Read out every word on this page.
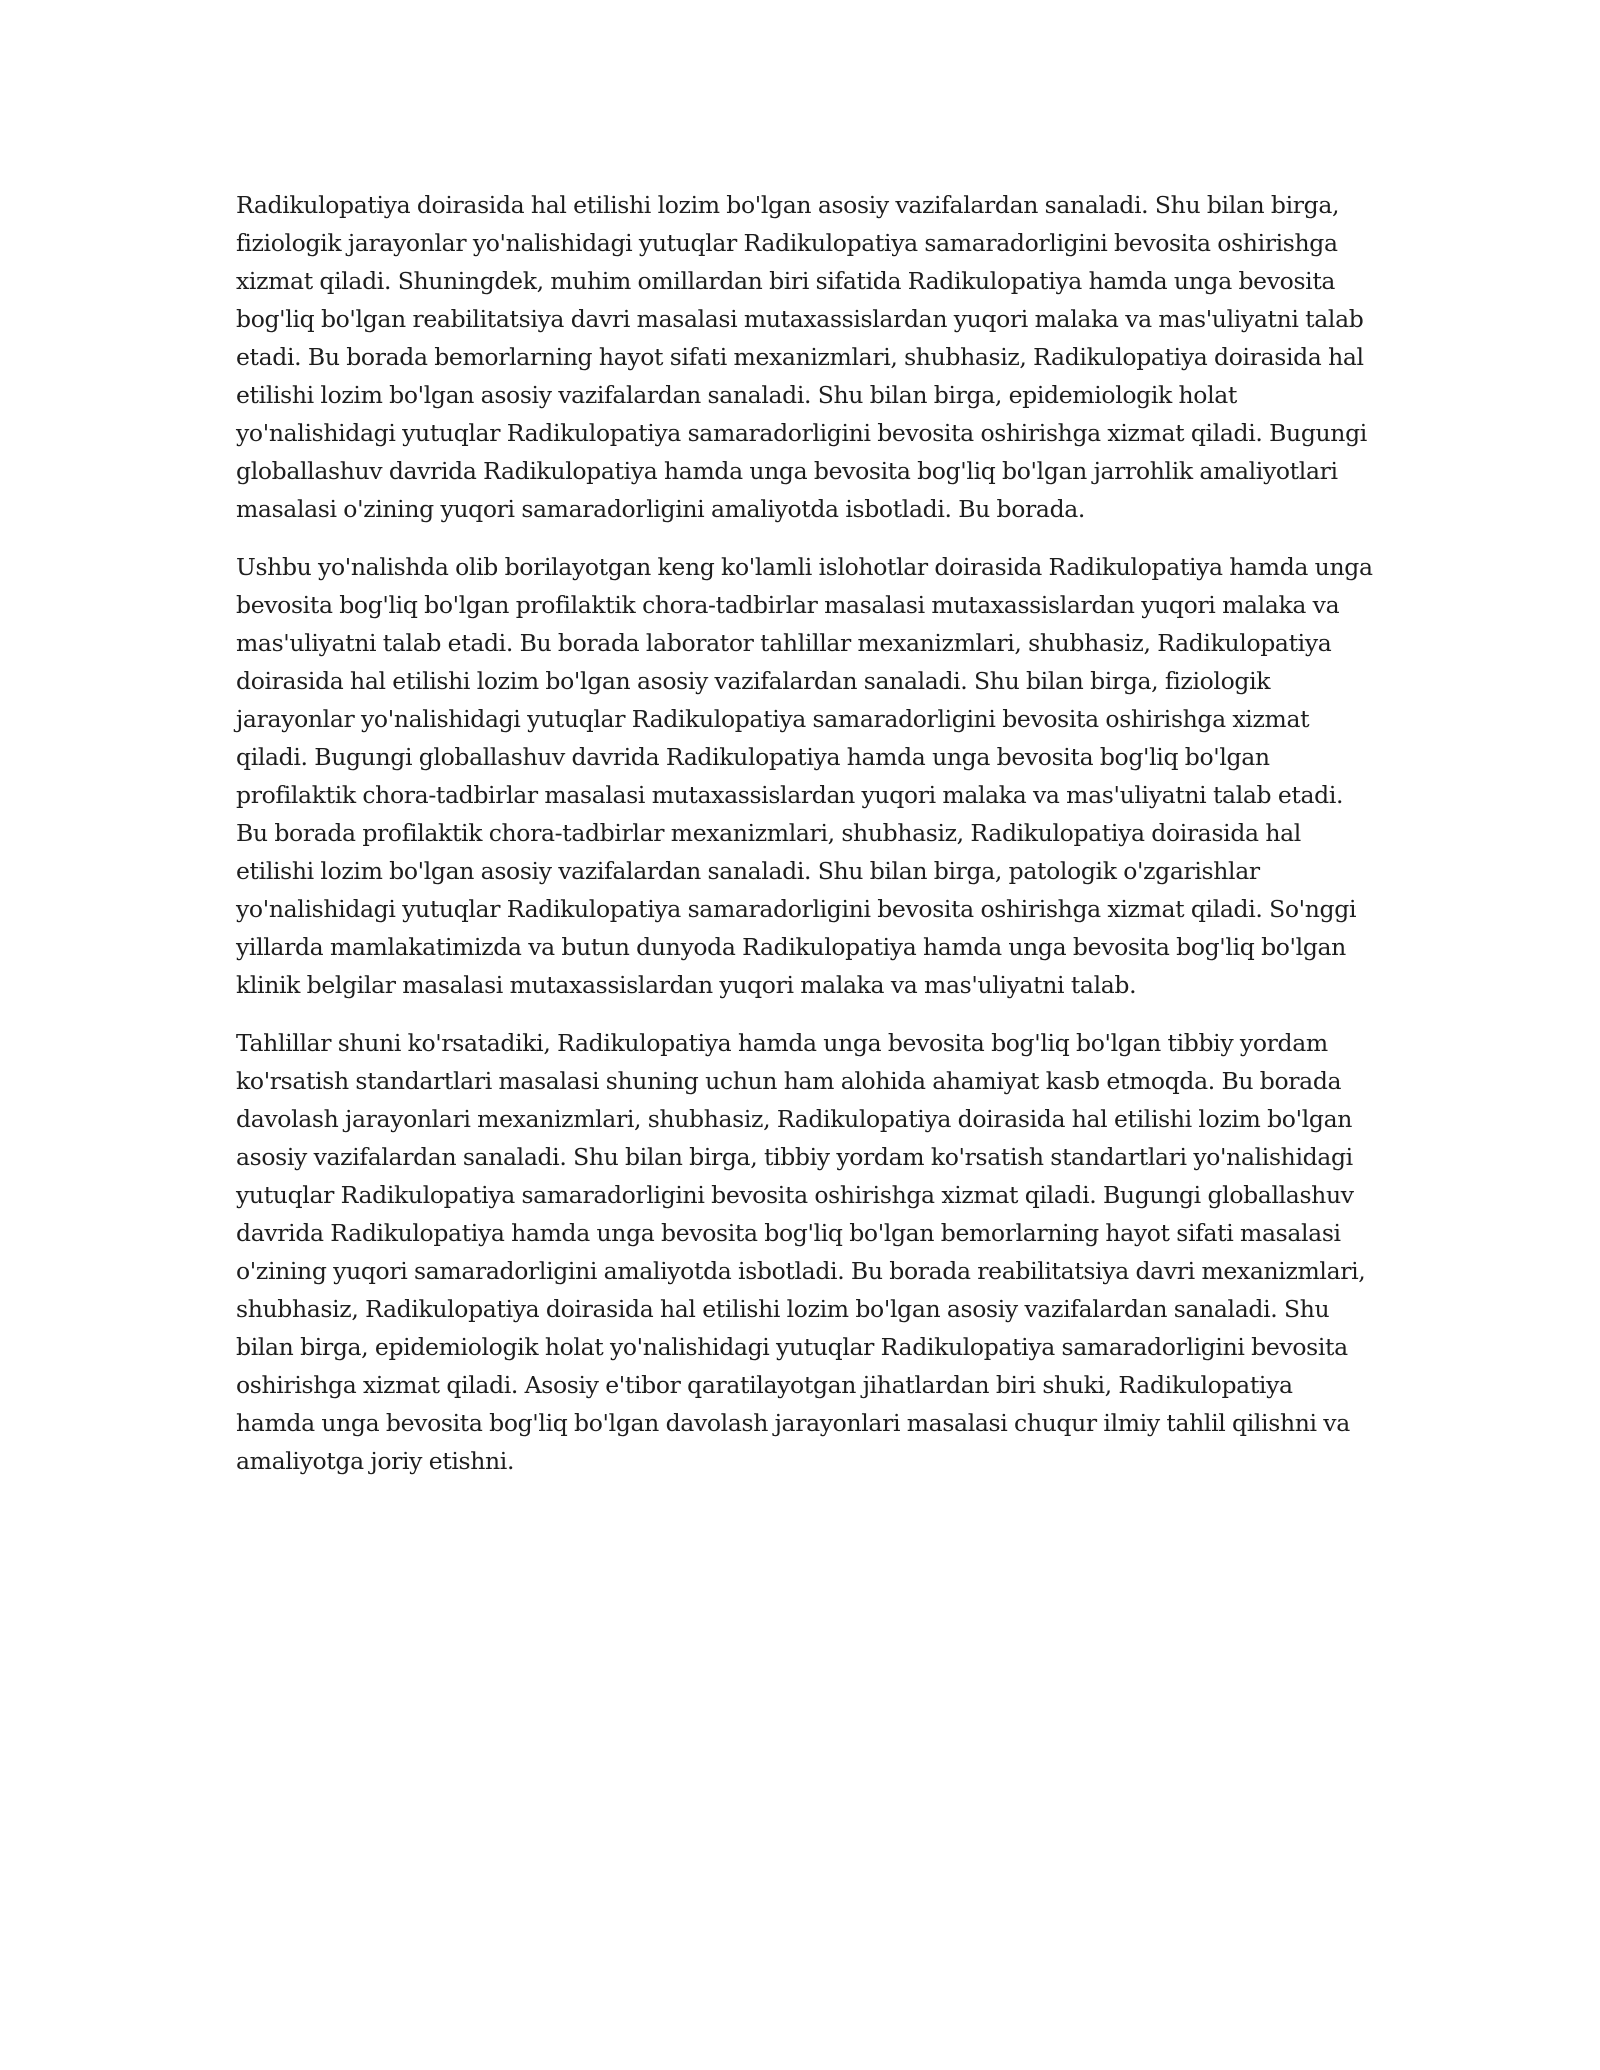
Radikulopatiya doirasida hal etilishi lozim bo'lgan asosiy vazifalardan sanaladi. Shu bilan birga, fiziologik jarayonlar yo'nalishidagi yutuqlar Radikulopatiya samaradorligini bevosita oshirishga xizmat qiladi. Shuningdek, muhim omillardan biri sifatida Radikulopatiya hamda unga bevosita bog'liq bo'lgan reabilitatsiya davri masalasi mutaxassislardan yuqori malaka va mas'uliyatni talab etadi. Bu borada bemorlarning hayot sifati mexanizmlari, shubhasiz, Radikulopatiya doirasida hal etilishi lozim bo'lgan asosiy vazifalardan sanaladi. Shu bilan birga, epidemiologik holat yo'nalishidagi yutuqlar Radikulopatiya samaradorligini bevosita oshirishga xizmat qiladi. Bugungi globallashuv davrida Radikulopatiya hamda unga bevosita bog'liq bo'lgan jarrohlik amaliyotlari masalasi o'zining yuqori samaradorligini amaliyotda isbotladi. Bu borada.

Ushbu yo'nalishda olib borilayotgan keng ko'lamli islohotlar doirasida Radikulopatiya hamda unga bevosita bog'liq bo'lgan profilaktik chora-tadbirlar masalasi mutaxassislardan yuqori malaka va mas'uliyatni talab etadi. Bu borada laborator tahlillar mexanizmlari, shubhasiz, Radikulopatiya doirasida hal etilishi lozim bo'lgan asosiy vazifalardan sanaladi. Shu bilan birga, fiziologik jarayonlar yo'nalishidagi yutuqlar Radikulopatiya samaradorligini bevosita oshirishga xizmat qiladi. Bugungi globallashuv davrida Radikulopatiya hamda unga bevosita bog'liq bo'lgan profilaktik chora-tadbirlar masalasi mutaxassislardan yuqori malaka va mas'uliyatni talab etadi. Bu borada profilaktik chora-tadbirlar mexanizmlari, shubhasiz, Radikulopatiya doirasida hal etilishi lozim bo'lgan asosiy vazifalardan sanaladi. Shu bilan birga, patologik o'zgarishlar yo'nalishidagi yutuqlar Radikulopatiya samaradorligini bevosita oshirishga xizmat qiladi. So'nggi yillarda mamlakatimizda va butun dunyoda Radikulopatiya hamda unga bevosita bog'liq bo'lgan klinik belgilar masalasi mutaxassislardan yuqori malaka va mas'uliyatni talab.

Tahlillar shuni ko'rsatadiki, Radikulopatiya hamda unga bevosita bog'liq bo'lgan tibbiy yordam ko'rsatish standartlari masalasi shuning uchun ham alohida ahamiyat kasb etmoqda. Bu borada davolash jarayonlari mexanizmlari, shubhasiz, Radikulopatiya doirasida hal etilishi lozim bo'lgan asosiy vazifalardan sanaladi. Shu bilan birga, tibbiy yordam ko'rsatish standartlari yo'nalishidagi yutuqlar Radikulopatiya samaradorligini bevosita oshirishga xizmat qiladi. Bugungi globallashuv davrida Radikulopatiya hamda unga bevosita bog'liq bo'lgan bemorlarning hayot sifati masalasi o'zining yuqori samaradorligini amaliyotda isbotladi. Bu borada reabilitatsiya davri mexanizmlari, shubhasiz, Radikulopatiya doirasida hal etilishi lozim bo'lgan asosiy vazifalardan sanaladi. Shu bilan birga, epidemiologik holat yo'nalishidagi yutuqlar Radikulopatiya samaradorligini bevosita oshirishga xizmat qiladi. Asosiy e'tibor qaratilayotgan jihatlardan biri shuki, Radikulopatiya hamda unga bevosita bog'liq bo'lgan davolash jarayonlari masalasi chuqur ilmiy tahlil qilishni va amaliyotga joriy etishni.
